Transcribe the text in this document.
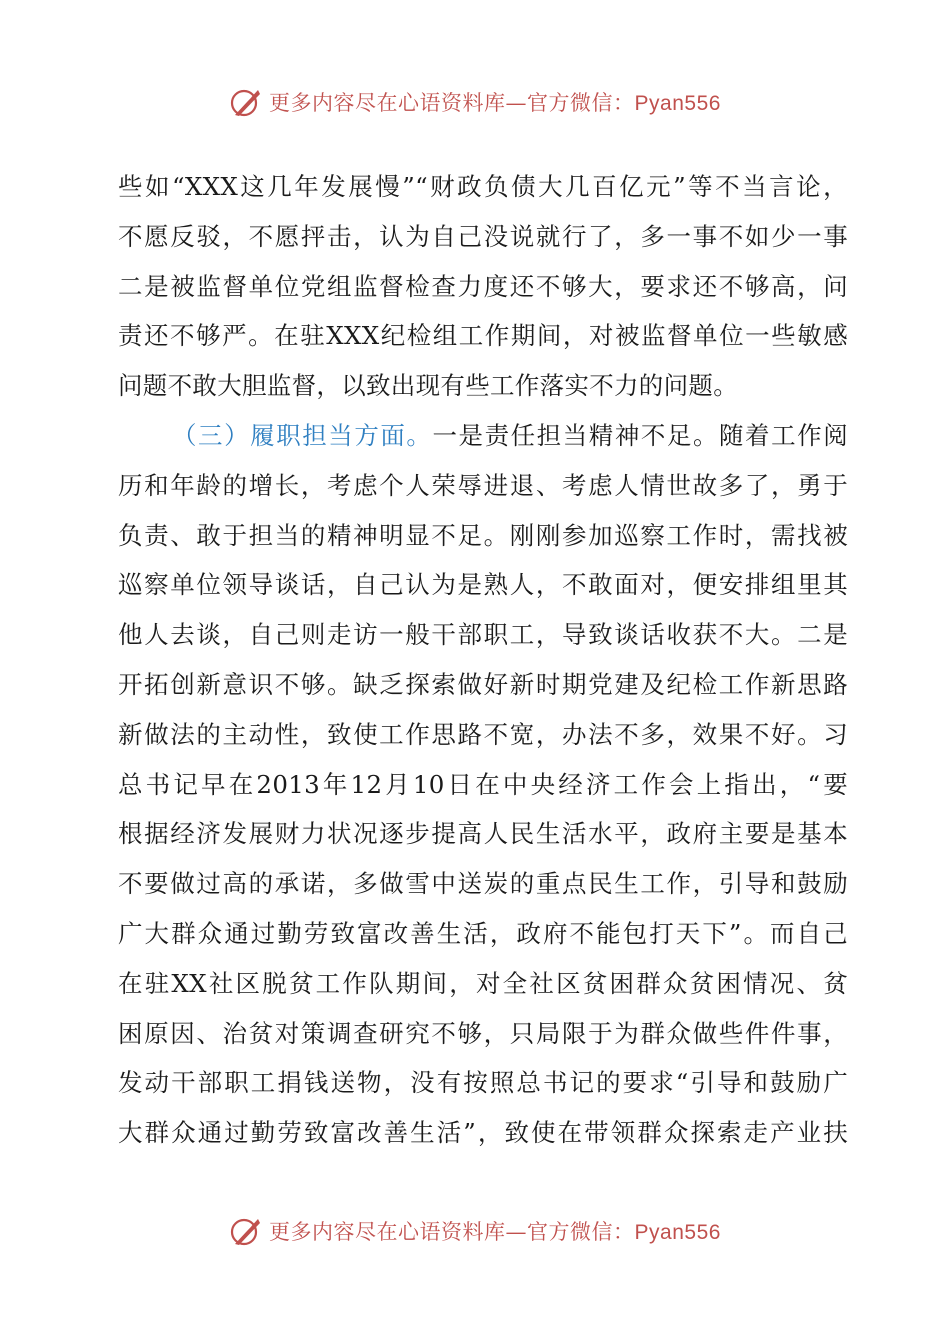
更多内容尽在心语资料库—官方微信：Pyan556
些如“XXX这几年发展慢”“财政负债大几百亿元”等不当言论，
不愿反驳，不愿抨击，认为自己没说就行了，多一事不如少一事
二是被监督单位党组监督检查力度还不够大，要求还不够高，问
责还不够严。在驻XXX纪检组工作期间，对被监督单位一些敏感
问题不敢大胆监督，以致出现有些工作落实不力的问题。
（三）履职担当方面。一是责任担当精神不足。随着工作阅
历和年龄的增长，考虑个人荣辱进退、考虑人情世故多了，勇于
负责、敢于担当的精神明显不足。刚刚参加巡察工作时，需找被
巡察单位领导谈话，自己认为是熟人，不敢面对，便安排组里其
他人去谈，自己则走访一般干部职工，导致谈话收获不大。二是
开拓创新意识不够。缺乏探索做好新时期党建及纪检工作新思路
新做法的主动性，致使工作思路不宽，办法不多，效果不好。习
总书记早在2013年12月10日在中央经济工作会上指出，“要
根据经济发展财力状况逐步提高人民生活水平，政府主要是基本
不要做过高的承诺，多做雪中送炭的重点民生工作，引导和鼓励
广大群众通过勤劳致富改善生活，政府不能包打天下”。而自己
在驻XX社区脱贫工作队期间，对全社区贫困群众贫困情况、贫
困原因、治贫对策调查研究不够，只局限于为群众做些件件事，
发动干部职工捐钱送物，没有按照总书记的要求“引导和鼓励广
大群众通过勤劳致富改善生活”，致使在带领群众探索走产业扶
更多内容尽在心语资料库—官方微信：Pyan556
